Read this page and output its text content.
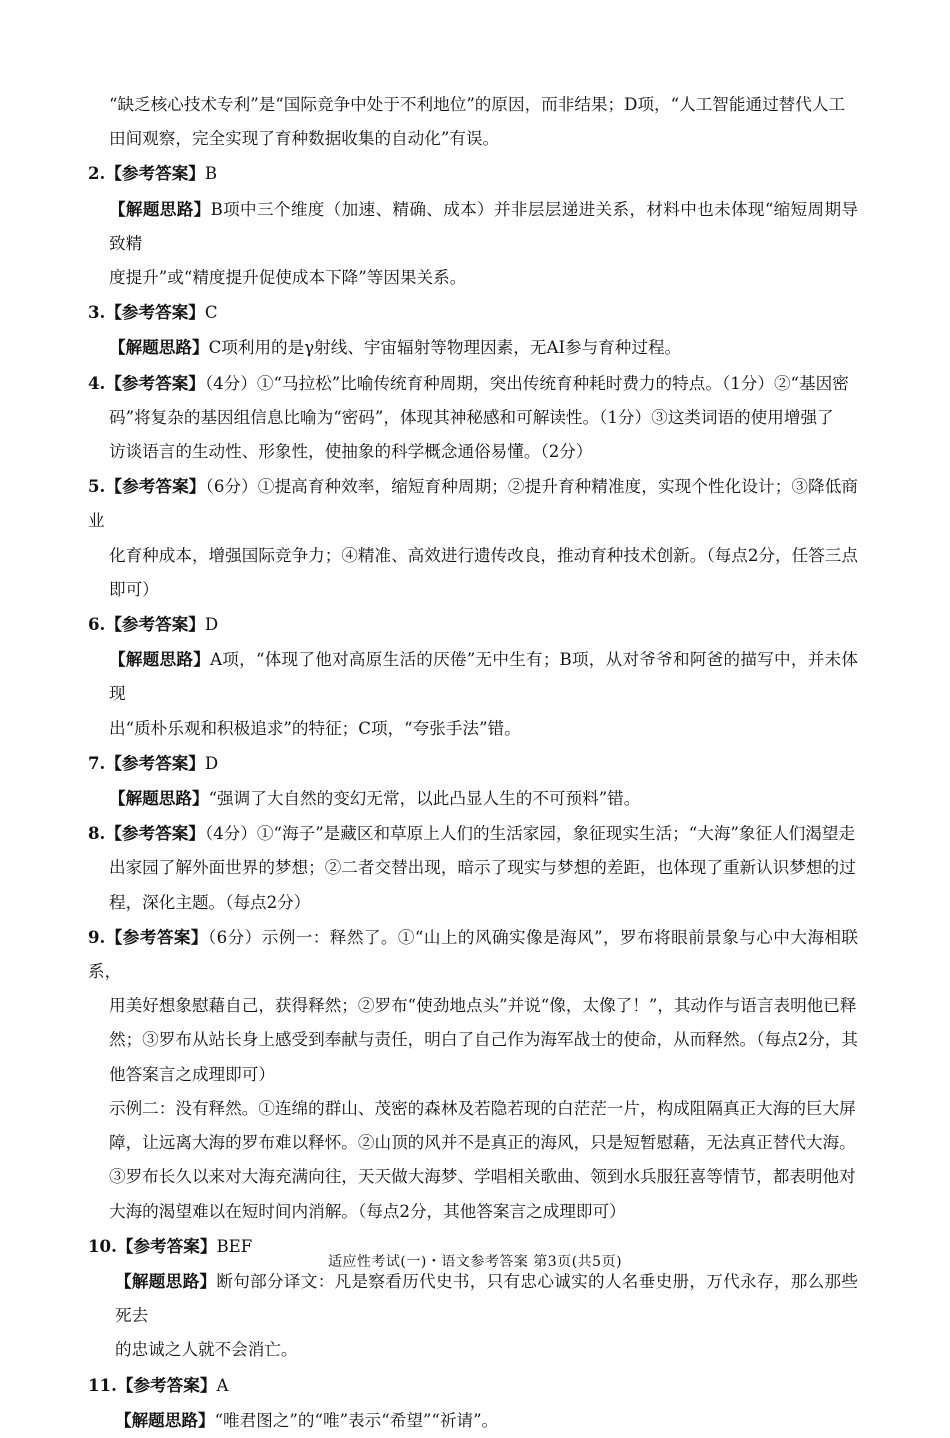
“缺乏核心技术专利”是“国际竞争中处于不利地位”的原因，而非结果；D项，“人工智能通过替代人工

田间观察，完全实现了育种数据收集的自动化”有误。

2.【参考答案】B

【解题思路】B项中三个维度（加速、精确、成本）并非层层递进关系，材料中也未体现“缩短周期导致精

度提升”或“精度提升促使成本下降”等因果关系。

3.【参考答案】C

【解题思路】C项利用的是γ射线、宇宙辐射等物理因素，无AI参与育种过程。

4.【参考答案】（4分）①“马拉松”比喻传统育种周期，突出传统育种耗时费力的特点。（1分）②“基因密

码”将复杂的基因组信息比喻为“密码”，体现其神秘感和可解读性。（1分）③这类词语的使用增强了

访谈语言的生动性、形象性，使抽象的科学概念通俗易懂。（2分）

5.【参考答案】（6分）①提高育种效率，缩短育种周期；②提升育种精准度，实现个性化设计；③降低商业

化育种成本，增强国际竞争力；④精准、高效进行遗传改良，推动育种技术创新。（每点2分，任答三点

即可）

6.【参考答案】D

【解题思路】A项，“体现了他对高原生活的厌倦”无中生有；B项，从对爷爷和阿爸的描写中，并未体现

出“质朴乐观和积极追求”的特征；C项，“夸张手法”错。

7.【参考答案】D

【解题思路】“强调了大自然的变幻无常，以此凸显人生的不可预料”错。

8.【参考答案】（4分）①“海子”是藏区和草原上人们的生活家园，象征现实生活；“大海”象征人们渴望走

出家园了解外面世界的梦想；②二者交替出现，暗示了现实与梦想的差距，也体现了重新认识梦想的过

程，深化主题。（每点2分）

9.【参考答案】（6分）示例一：释然了。①“山上的风确实像是海风”，罗布将眼前景象与心中大海相联系，

用美好想象慰藉自己，获得释然；②罗布“使劲地点头”并说“像，太像了！”，其动作与语言表明他已释

然；③罗布从站长身上感受到奉献与责任，明白了自己作为海军战士的使命，从而释然。（每点2分，其

他答案言之成理即可）

示例二：没有释然。①连绵的群山、茂密的森林及若隐若现的白茫茫一片，构成阻隔真正大海的巨大屏

障，让远离大海的罗布难以释怀。②山顶的风并不是真正的海风，只是短暂慰藉，无法真正替代大海。

③罗布长久以来对大海充满向往，天天做大海梦、学唱相关歌曲、领到水兵服狂喜等情节，都表明他对

大海的渴望难以在短时间内消解。（每点2分，其他答案言之成理即可）

10.【参考答案】BEF

【解题思路】断句部分译文：凡是察看历代史书，只有忠心诚实的人名垂史册，万代永存，那么那些死去

的忠诚之人就不会消亡。

11.【参考答案】A

【解题思路】“唯君图之”的“唯”表示“希望”“祈请”。

适应性考试(一)・语文参考答案 第3页(共5页)
